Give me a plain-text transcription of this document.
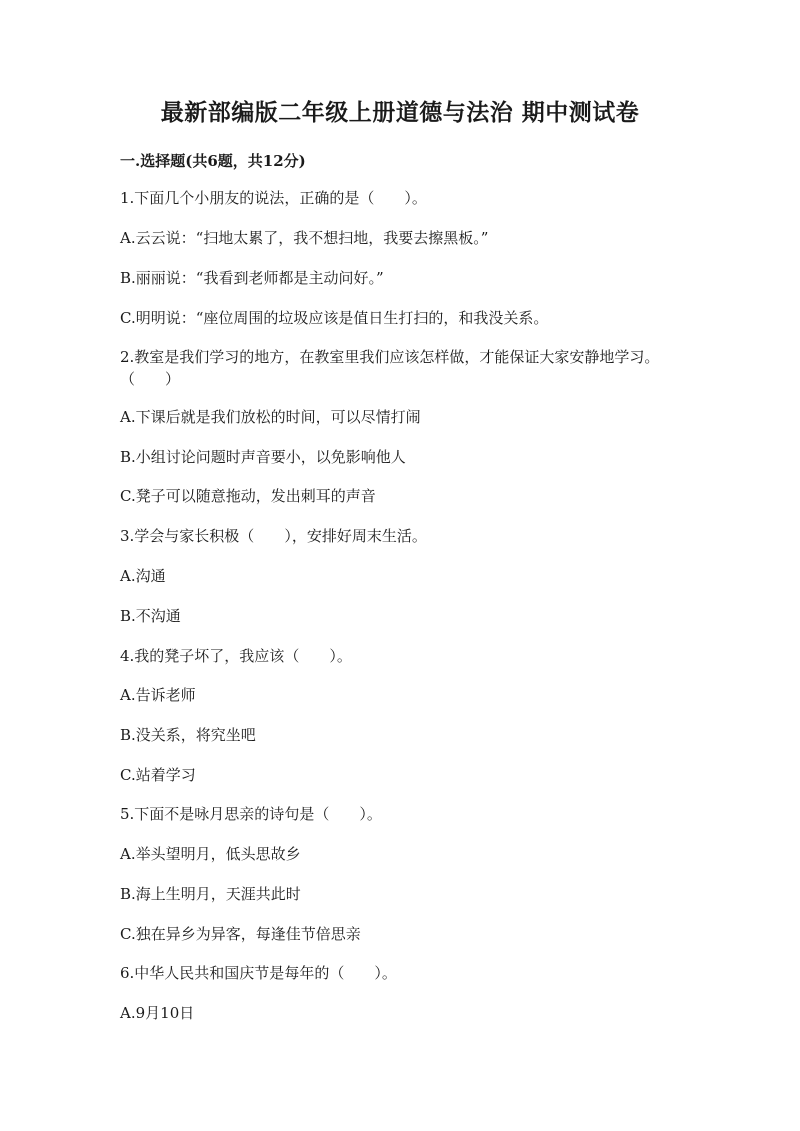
最新部编版二年级上册道德与法治 期中测试卷
一.选择题(共6题，共12分)
1.下面几个小朋友的说法，正确的是（　　）。
A.云云说：“扫地太累了，我不想扫地，我要去擦黑板。”
B.丽丽说：“我看到老师都是主动问好。”
C.明明说：“座位周围的垃圾应该是值日生打扫的，和我没关系。
2.教室是我们学习的地方，在教室里我们应该怎样做，才能保证大家安静地学习。（　　）
A.下课后就是我们放松的时间，可以尽情打闹
B.小组讨论问题时声音要小，以免影响他人
C.凳子可以随意拖动，发出刺耳的声音
3.学会与家长积极（　　），安排好周末生活。
A.沟通
B.不沟通
4.我的凳子坏了，我应该（　　）。
A.告诉老师
B.没关系，将究坐吧
C.站着学习
5.下面不是咏月思亲的诗句是（　　）。
A.举头望明月，低头思故乡
B.海上生明月，天涯共此时
C.独在异乡为异客，每逢佳节倍思亲
6.中华人民共和国庆节是每年的（　　）。
A.9月10日
